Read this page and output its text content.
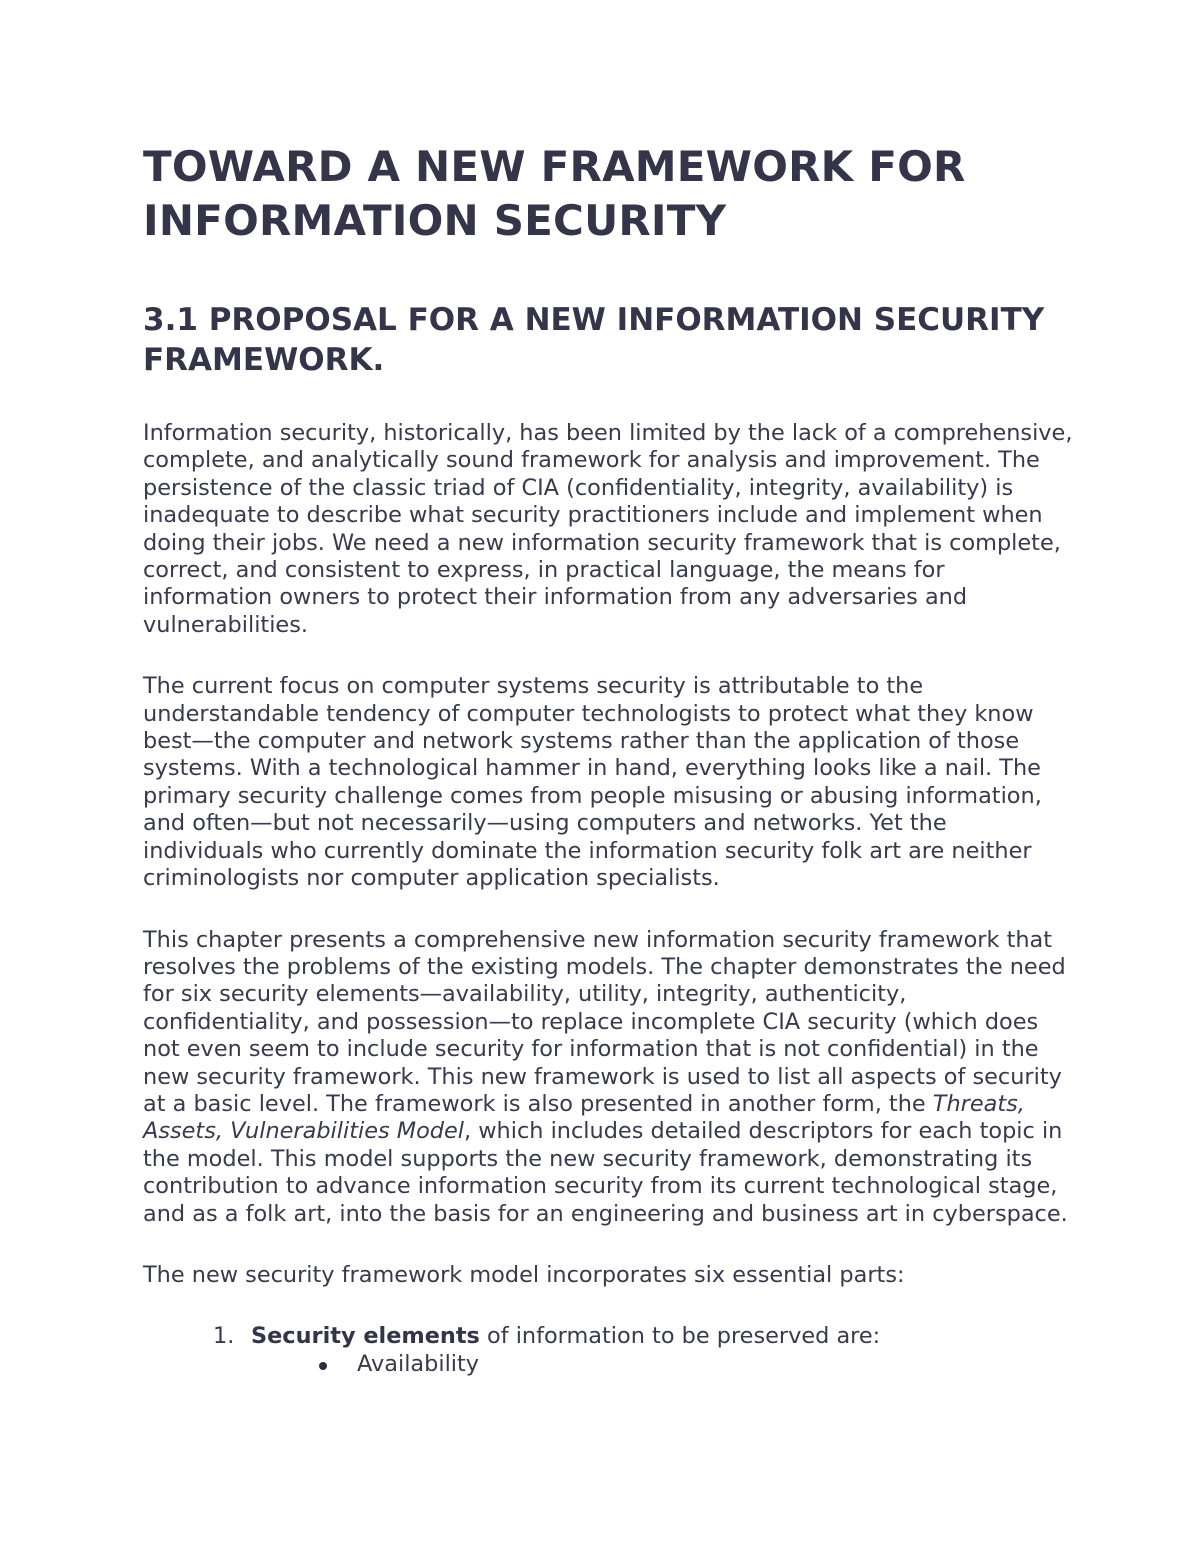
TOWARD A NEW FRAMEWORK FOR INFORMATION SECURITY
3.1 PROPOSAL FOR A NEW INFORMATION SECURITY FRAMEWORK.

Information security, historically, has been limited by the lack of a comprehensive, complete, and analytically sound framework for analysis and improvement. The persistence of the classic triad of CIA (confidentiality, integrity, availability) is inadequate to describe what security practitioners include and implement when doing their jobs. We need a new information security framework that is complete, correct, and consistent to express, in practical language, the means for information owners to protect their information from any adversaries and vulnerabilities.

The current focus on computer systems security is attributable to the understandable tendency of computer technologists to protect what they know best—the computer and network systems rather than the application of those systems. With a technological hammer in hand, everything looks like a nail. The primary security challenge comes from people misusing or abusing information, and often—but not necessarily—using computers and networks. Yet the individuals who currently dominate the information security folk art are neither criminologists nor computer application specialists.

This chapter presents a comprehensive new information security framework that resolves the problems of the existing models. The chapter demonstrates the need for six security elements—availability, utility, integrity, authenticity, confidentiality, and possession—to replace incomplete CIA security (which does not even seem to include security for information that is not confidential) in the new security framework. This new framework is used to list all aspects of security at a basic level. The framework is also presented in another form, the Threats, Assets, Vulnerabilities Model, which includes detailed descriptors for each topic in the model. This model supports the new security framework, demonstrating its contribution to advance information security from its current technological stage, and as a folk art, into the basis for an engineering and business art in cyberspace.

The new security framework model incorporates six essential parts:

1. Security elements of information to be preserved are:
Availability
